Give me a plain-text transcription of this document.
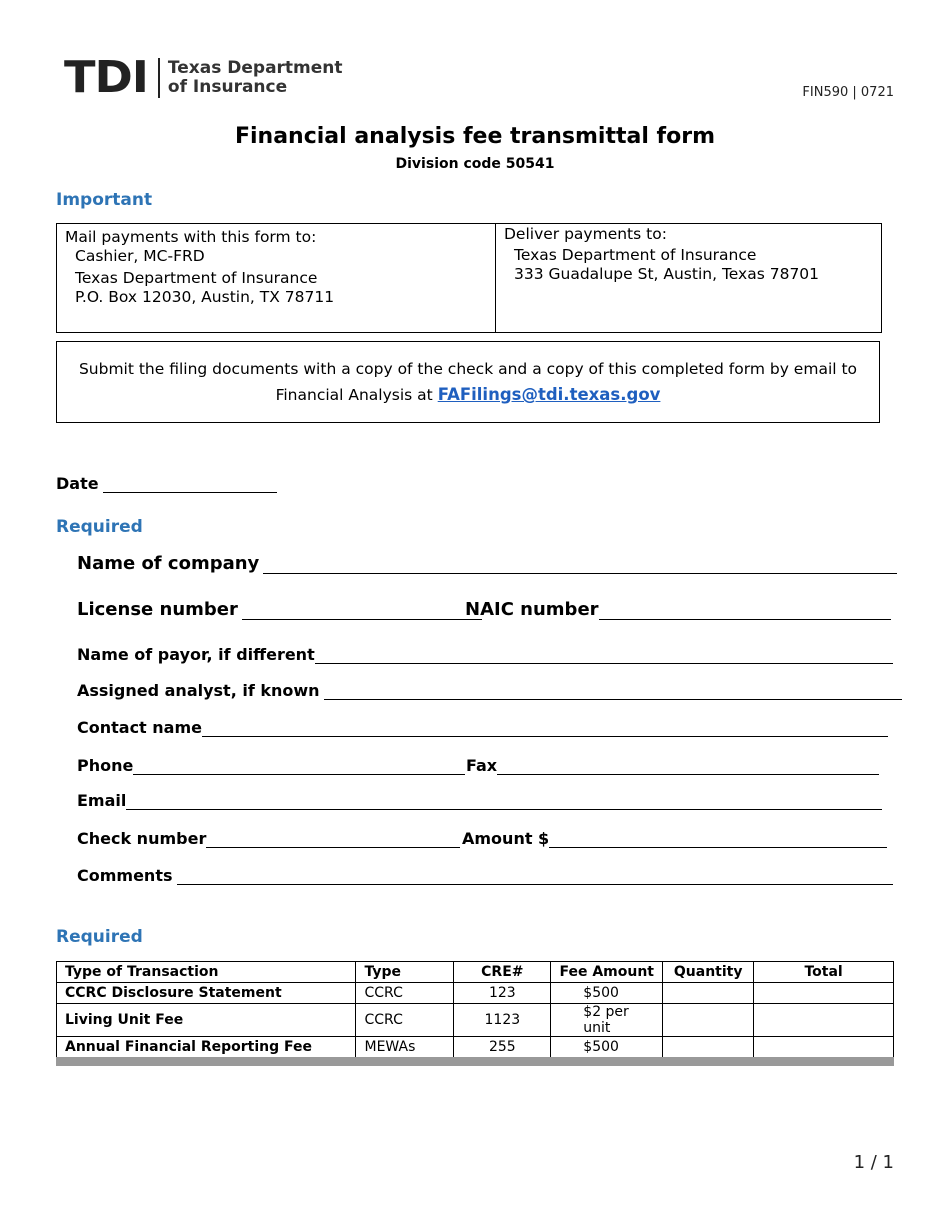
TDI Texas Department
of Insurance	FIN590 | 0721
Financial analysis fee transmittal form
Division code 50541
Important
Mail payments with this form to:
Cashier, MC-FRD
Texas Department of Insurance
P.O. Box 12030, Austin, TX 78711
Deliver payments to:
Texas Department of Insurance
333 Guadalupe St, Austin, Texas 78701
Submit the filing documents with a copy of the check and a copy of this completed form by email to
Financial Analysis at FAFilings@tdi.texas.gov
Date
Required
Name of company
License number	NAIC number
Name of payor, if different
Assigned analyst, if known
Contact name
Phone	Fax
Email
Check number	Amount $
Comments
Required
Type of Transaction	Type	CRE#	Fee Amount	Quantity	Total
CCRC Disclosure Statement	CCRC	123	$500		
Living Unit Fee	CCRC	1123	$2 per unit		
Annual Financial Reporting Fee	MEWAs	255	$500		
1 / 1
